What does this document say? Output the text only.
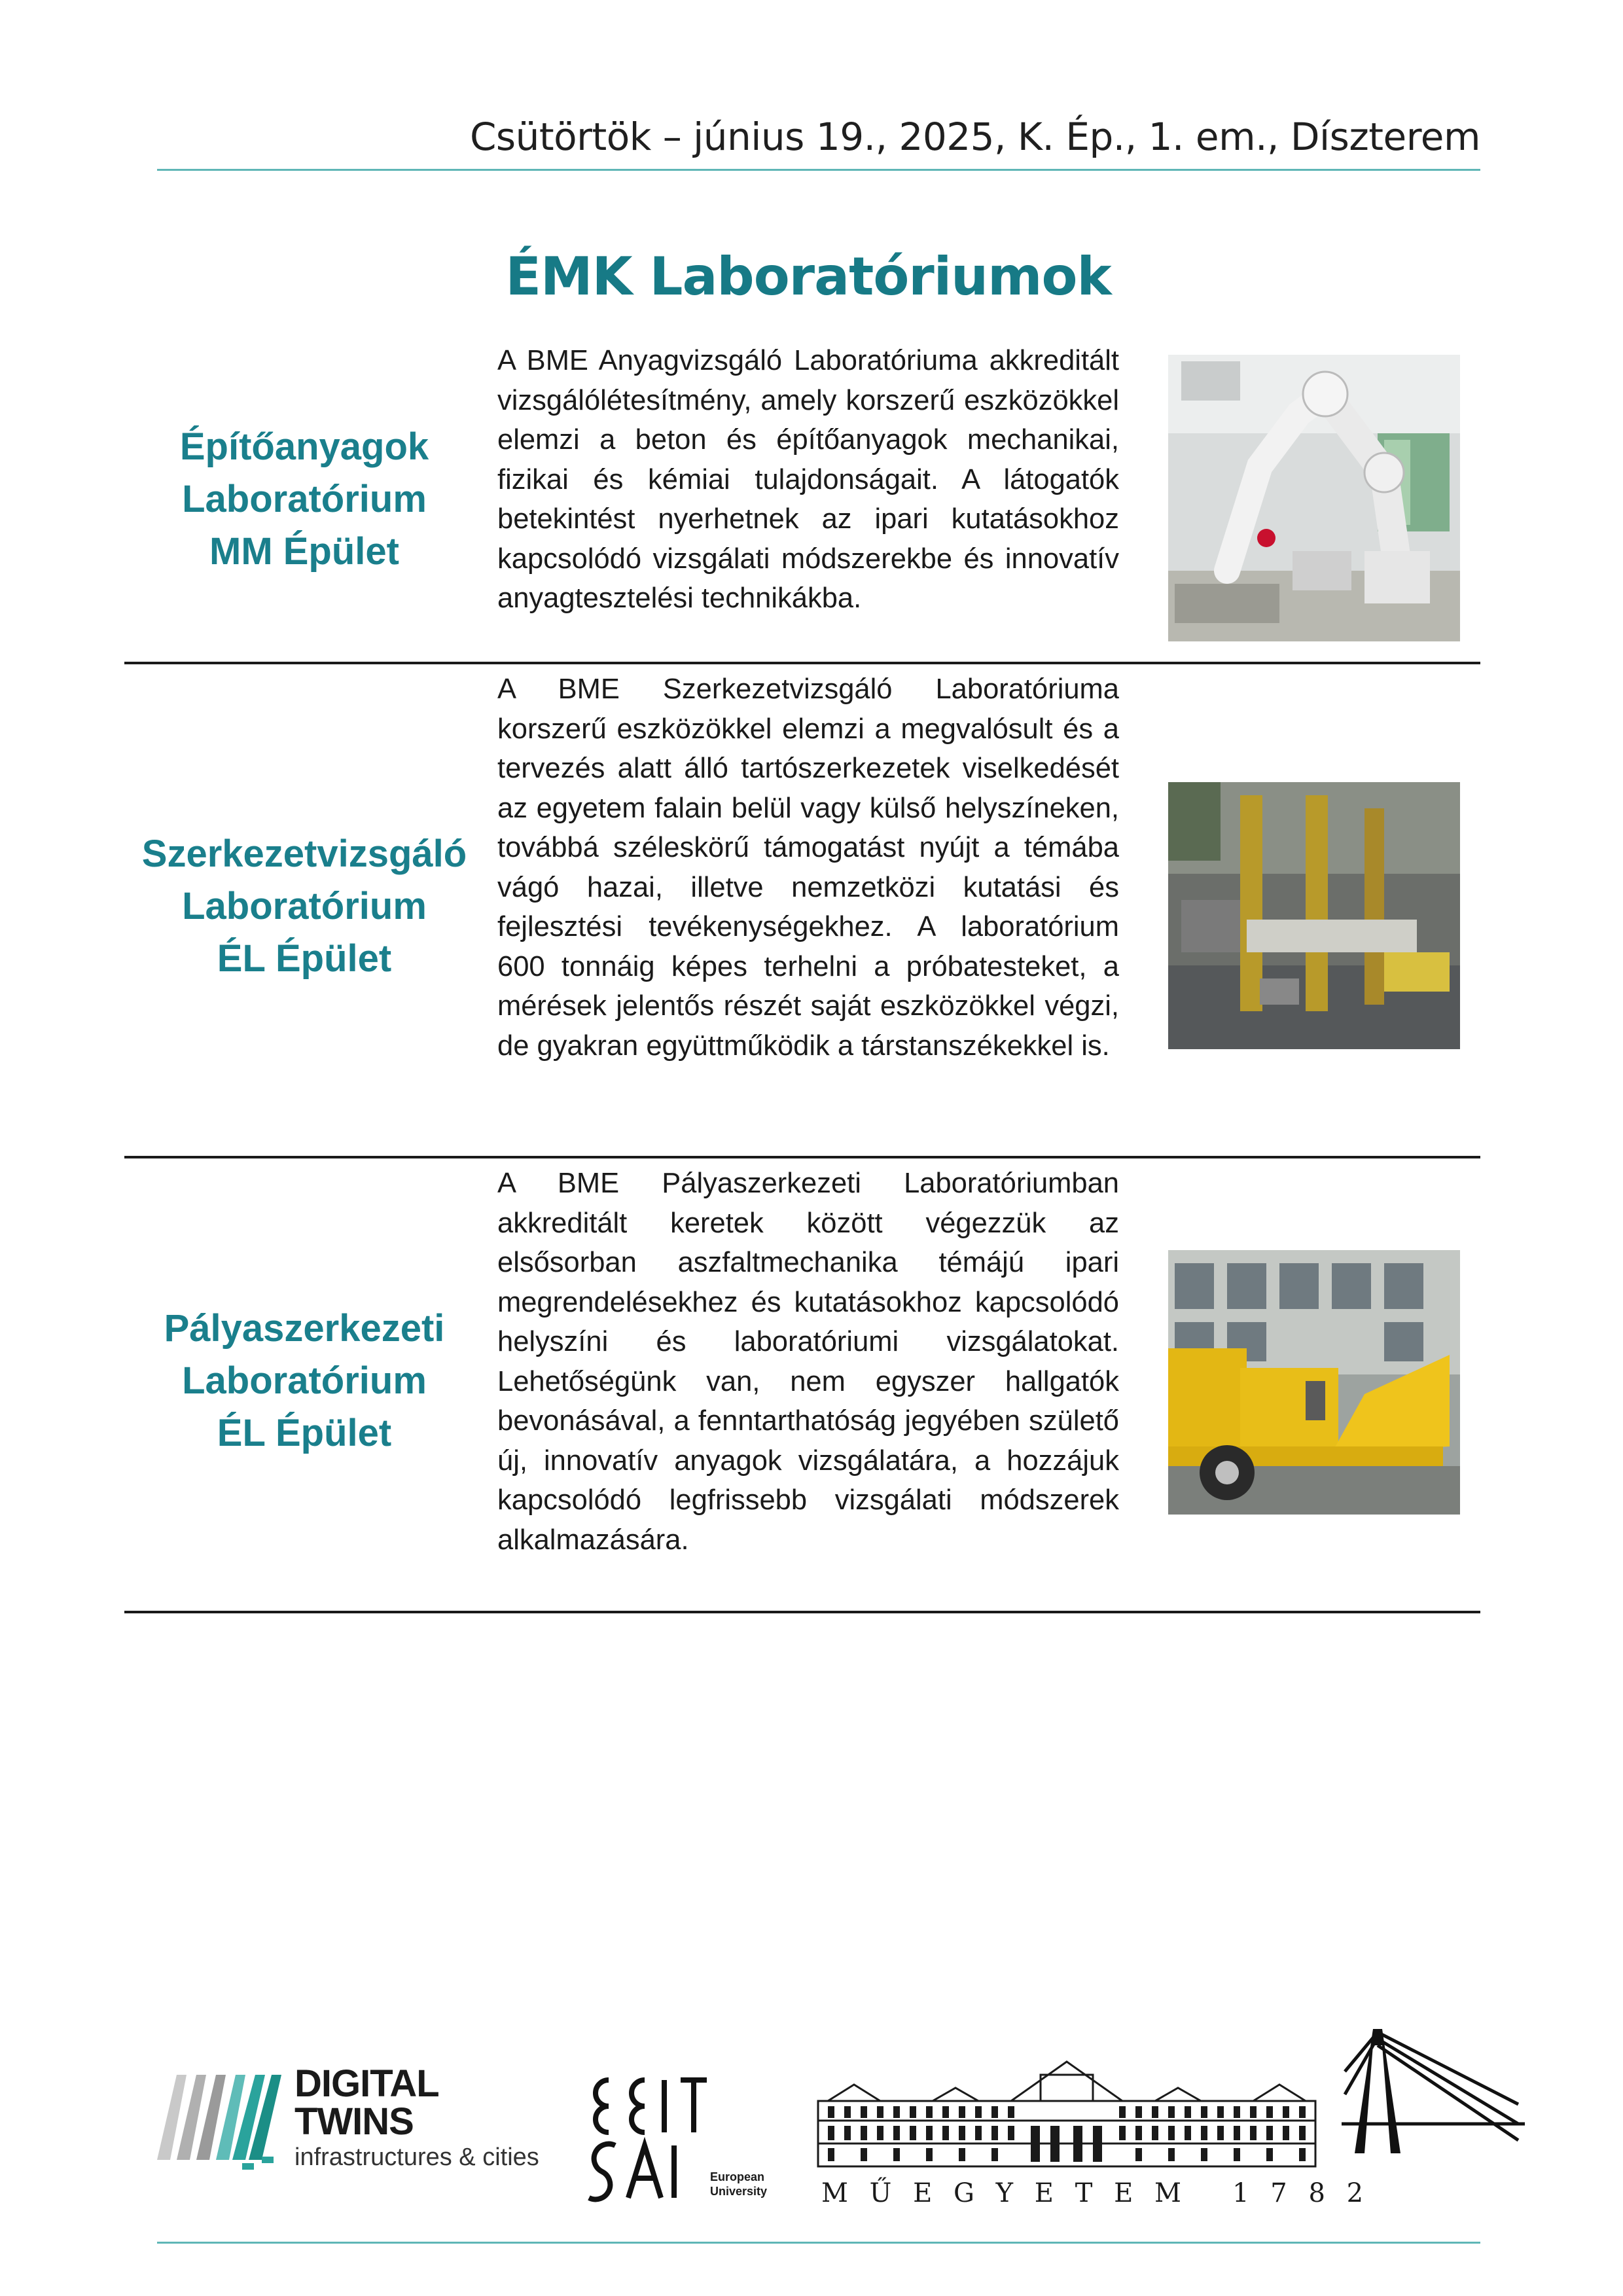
Csütörtök – június 19., 2025, K. Ép., 1. em., Díszterem
ÉMK Laboratóriumok
Építőanyagok
Laboratórium
MM Épület
A BME Anyagvizsgáló Laboratóriuma akkreditált vizsgálólétesítmény, amely korszerű eszközökkel elemzi a beton és építőanyagok mechanikai, fizikai és kémiai tulajdonságait. A látogatók betekintést nyerhetnek az ipari kutatásokhoz kapcsolódó vizsgálati módszerekbe és innovatív anyagtesztelési technikákba.
Szerkezetvizsgáló
Laboratórium
ÉL Épület
A BME Szerkezetvizsgáló Laboratóriuma korszerű eszközökkel elemzi a megvalósult és a tervezés alatt álló tartószerkezetek viselkedését az egyetem falain belül vagy külső helyszíneken, továbbá széleskörű támogatást nyújt a témába vágó hazai, illetve nemzetközi kutatási és fejlesztési tevékenységekhez. A laboratórium 600 tonnáig képes terhelni a próbatesteket, a mérések jelentős részét saját eszközökkel végzi, de gyakran együttműködik a társtanszékekkel is.
Pályaszerkezeti
Laboratórium
ÉL Épület
A BME Pályaszerkezeti Laboratóriumban akkreditált keretek között végezzük az elsősorban aszfaltmechanika témájú ipari megrendelésekhez és kutatásokhoz kapcsolódó helyszíni és laboratóriumi vizsgálatokat. Lehetőségünk van, nem egyszer hallgatók bevonásával, a fenntarthatóság jegyében születő új, innovatív anyagok vizsgálatára, a hozzájuk kapcsolódó legfrissebb vizsgálati módszerek alkalmazására.
DIGITAL
TWINS
infrastructures & cities
European
University M Ű E G Y E T E M   1 7 8 2
